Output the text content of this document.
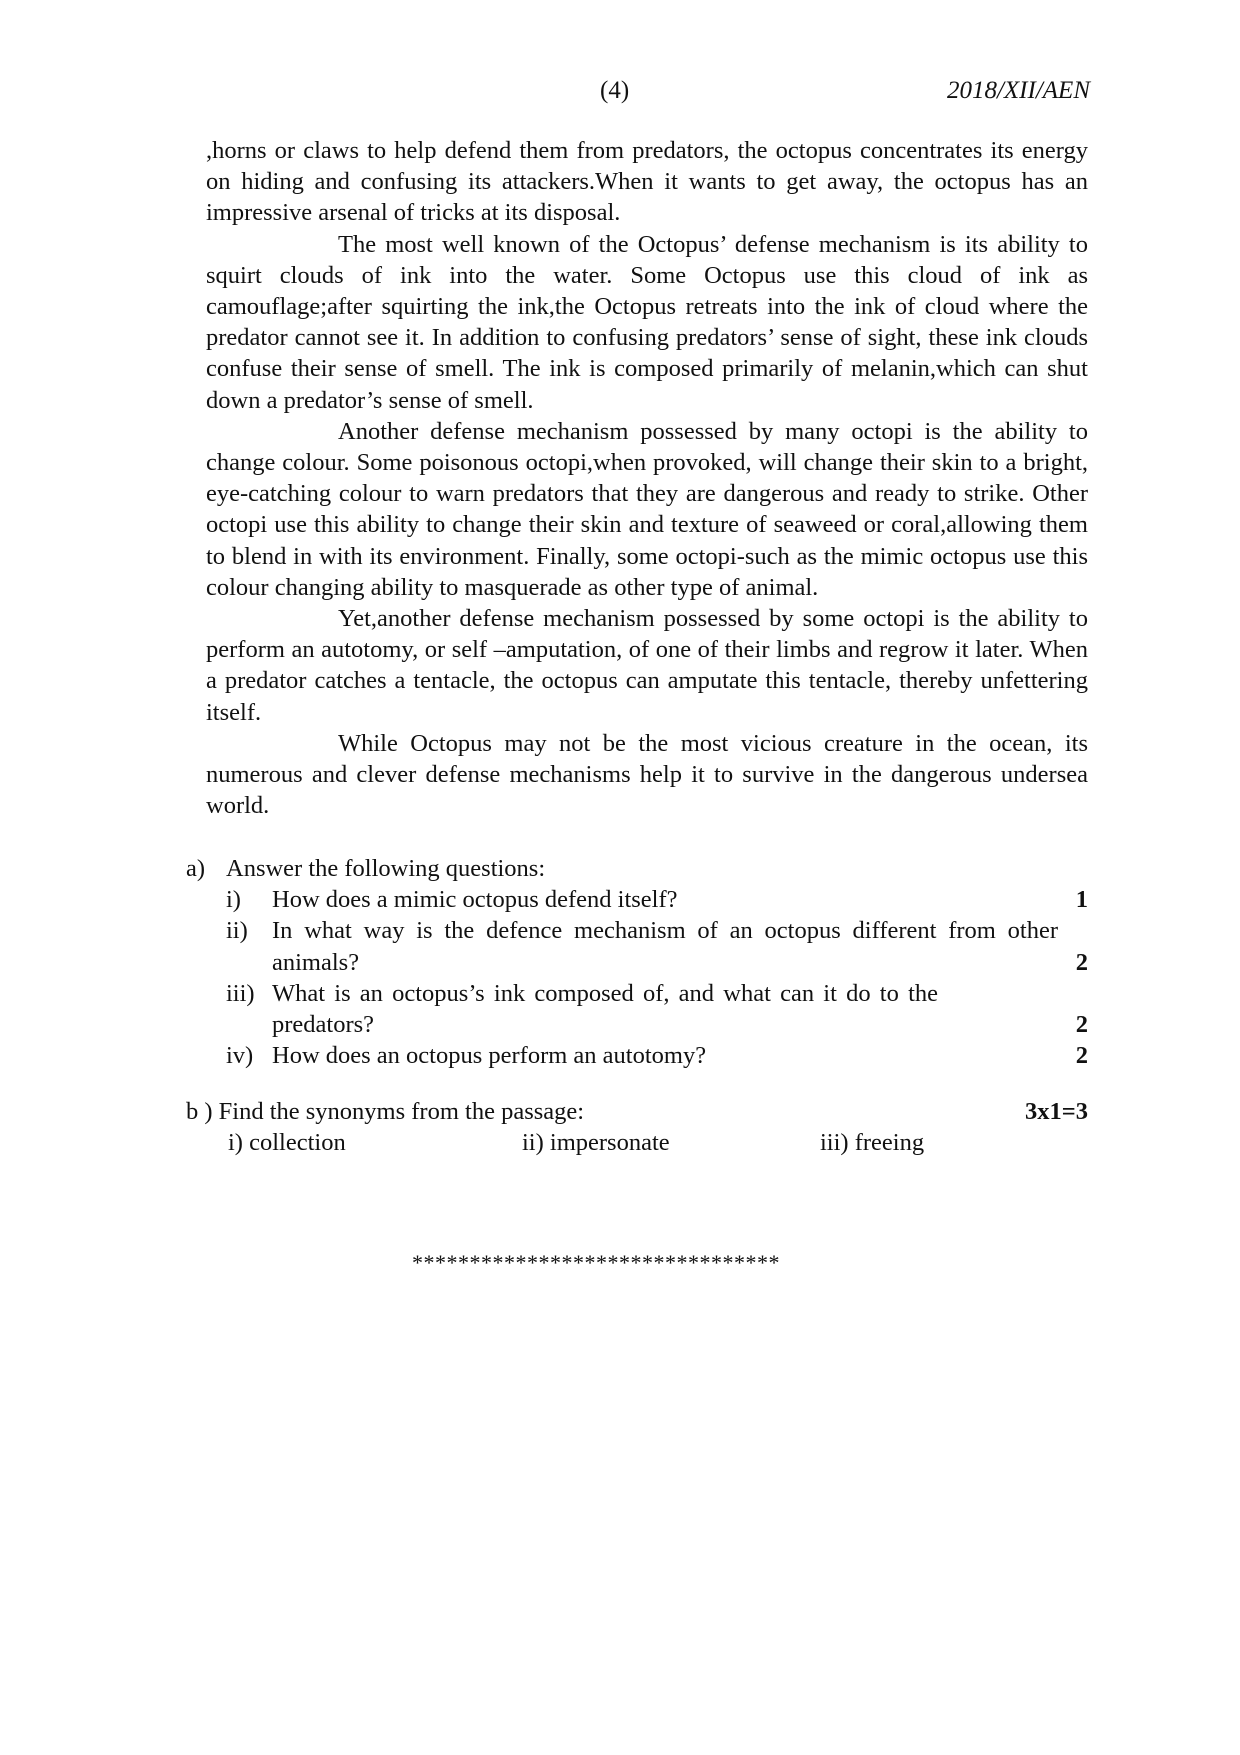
(4)	2018/XII/AEN

,horns or claws to help defend them from predators, the octopus concentrates its energy on hiding and confusing its attackers.When it wants to get away, the octopus has an impressive arsenal of tricks at its disposal.

The most well known of the Octopus’ defense mechanism is its ability to squirt clouds of ink into the water. Some Octopus use this cloud of ink as camouflage;after squirting the ink,the Octopus retreats into the ink of cloud where the predator cannot see it. In addition to confusing predators’ sense of sight, these ink clouds confuse their sense of smell. The ink is composed primarily of melanin,which can shut down a predator’s sense of smell.

Another defense mechanism possessed by many octopi is the ability to change colour. Some poisonous octopi,when provoked, will change their skin to a bright, eye-catching colour to warn predators that they are dangerous and ready to strike. Other octopi use this ability to change their skin and texture of seaweed or coral,allowing them to blend in with its environment. Finally, some octopi-such as the mimic octopus use this colour changing ability to masquerade as other type of animal.

Yet,another defense mechanism possessed by some octopi is the ability to perform an autotomy, or self –amputation, of one of their limbs and regrow it later. When a predator catches a tentacle, the octopus can amputate this tentacle, thereby unfettering itself.

While Octopus may not be the most vicious creature in the ocean, its numerous and clever defense mechanisms help it to survive in the dangerous undersea world.

a) Answer the following questions:
i)	How does a mimic octopus defend itself?	1
ii) In what way is the defence mechanism of an octopus different from other animals?	2
iii) What is an octopus’s ink composed of, and what can it do to the predators?	2
iv) How does an octopus perform an autotomy?	2
b ) Find the synonyms from the passage:	3x1=3
i) collection	ii) impersonate	iii) freeing
********************************
